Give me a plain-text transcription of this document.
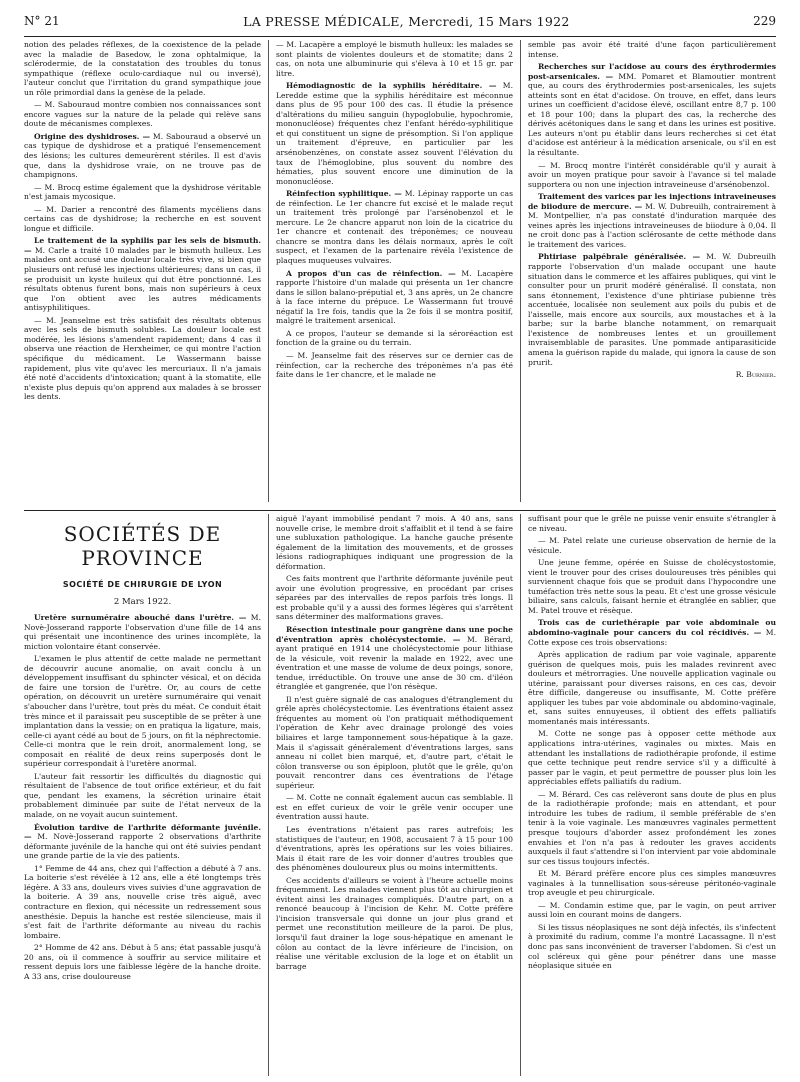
N° 21	LA PRESSE MÉDICALE, Mercredi, 15 Mars 1922	229

notion des pelades réflexes, de la coexistence de la pelade avec la maladie de Basedow, le zona ophtalmique, la sclérodermie, de la constatation des troubles du tonus sympathique (réflexe oculo-cardiaque nul ou inversé), l'auteur conclut que l'irritation du grand sympathique joue un rôle primordial dans la genèse de la pelade.

— M. Sabouraud montre combien nos connaissances sont encore vagues sur la nature de la pelade qui relève sans doute de mécanismes complexes.

Origine des dyshidroses. — M. Sabouraud a observé un cas typique de dyshidrose et a pratiqué l'ensemencement des lésions; les cultures demeurèrent stériles. Il est d'avis que, dans la dyshidrose vraie, on ne trouve pas de champignons.

— M. Brocq estime également que la dyshidrose véritable n'est jamais mycosique.

— M. Darier a rencontré des filaments mycéliens dans certains cas de dyshidrose; la recherche en est souvent longue et difficile.

Le traitement de la syphilis par les sels de bismuth. — M. Carle a traité 10 malades par le bismuth hulleux. Les malades ont accusé une douleur locale très vive, si bien que plusieurs ont refusé les injections ultérieures; dans un cas, il se produisit un kyste huileux qui dut être ponctionné. Les résultats obtenus furent bons, mais non supérieurs à ceux que l'on obtient avec les autres médicaments antisyphilitiques.

— M. Jeanselme est très satisfait des résultats obtenus avec les sels de bismuth solubles. La douleur locale est modérée, les lésions s'amendent rapidement; dans 4 cas il observa une réaction de Herxheimer, ce qui montre l'action spécifique du médicament. Le Wassermann baisse rapidement, plus vite qu'avec les mercuriaux. Il n'a jamais été noté d'accidents d'intoxication; quant à la stomatite, elle n'existe plus depuis qu'on apprend aux malades à se brosser les dents.

— M. Lacapère a employé le bismuth hulleux: les malades se sont plaints de violentes douleurs et de stomatite; dans 2 cas, on nota une albuminurie qui s'éleva à 10 et 15 gr. par litre.

Hémodiagnostic de la syphilis héréditaire. — M. Leredde estime que la syphilis héréditaire est méconnue dans plus de 95 pour 100 des cas. Il étudie la présence d'altérations du milieu sanguin (hypoglobulie, hypochromie, mononucléose) fréquentes chez l'enfant hérédo-syphilitique et qui constituent un signe de présomption. Si l'on applique un traitement d'épreuve, en particulier par les arsénobenzènes, on constate assez souvent l'élévation du taux de l'hémoglobine, plus souvent du nombre des hématies, plus souvent encore une diminution de la mononucléose.

Réinfection syphilitique. — M. Lépinay rapporte un cas de réinfection. Le 1er chancre fut excisé et le malade reçut un traitement très prolongé par l'arsénobenzol et le mercure. Le 2e chancre apparut non loin de la cicatrice du 1er chancre et contenait des tréponèmes; ce nouveau chancre se montra dans les délais normaux, après le coït suspect, et l'examen de la partenaire révéla l'existence de plaques muqueuses vulvaires.

A propos d'un cas de réinfection. — M. Lacapère rapporte l'histoire d'un malade qui présenta un 1er chancre dans le sillon balano-préputial et, 3 ans après, un 2e chancre à la face interne du prépuce. Le Wassermann fut trouvé négatif la 1re fois, tandis que la 2e fois il se montra positif, malgré le traitement arsenical.

A ce propos, l'auteur se demande si la séroréaction est fonction de la graine ou du terrain.

— M. Jeanselme fait des réserves sur ce dernier cas de réinfection, car la recherche des tréponèmes n'a pas été faite dans le 1er chancre, et le malade ne

semble pas avoir été traité d'une façon particulièrement intense.

Recherches sur l'acidose au cours des érythrodermies post-arsenicales. — MM. Pomaret et Blamoutier montrent que, au cours des érythrodermies post-arsenicales, les sujets atteints sont en état d'acidose. On trouve, en effet, dans leurs urines un coefficient d'acidose élevé, oscillant entre 8,7 p. 100 et 18 pour 100; dans la plupart des cas, la recherche des dérivés acétoniques dans le sang et dans les urines est positive. Les auteurs n'ont pu établir dans leurs recherches si cet état d'acidose est antérieur à la médication arsenicale, ou s'il en est la résultante.

— M. Brocq montre l'intérêt considérable qu'il y aurait à avoir un moyen pratique pour savoir à l'avance si tel malade supportera ou non une injection intraveineuse d'arsénobenzol.

Traitement des varices par les injections intraveineuses de biiodure de mercure. — M. W. Dubreuilh, contrairement à M. Montpellier, n'a pas constaté d'induration marquée des veines après les injections intraveineuses de biiodure à 0,04. Il ne croit donc pas à l'action sclérosante de cette méthode dans le traitement des varices.

Phtiriase palpébrale généralisée. — M. W. Dubreuilh rapporte l'observation d'un malade occupant une haute situation dans le commerce et les affaires publiques, qui vint le consulter pour un prurit modéré généralisé. Il constata, non sans étonnement, l'existence d'une phtiriase pubienne très accentuée, localisée non seulement aux poils du pubis et de l'aisselle, mais encore aux sourcils, aux moustaches et à la barbe; sur la barbe blanche notamment, on remarquait l'existence de nombreuses lentes et un grouillement invraisemblable de parasites. Une pommade antiparasiticide amena la guérison rapide du malade, qui ignora la cause de son prurit.

R. Burnier.
SOCIÉTÉS DE PROVINCE
SOCIÉTÉ DE CHIRURGIE DE LYON
2 Mars 1922.

Uretère surnuméraire abouché dans l'urètre. — M. Novè-Josserand rapporte l'observation d'une fille de 14 ans qui présentait une incontinence des urines incomplète, la miction volontaire étant conservée.

L'examen le plus attentif de cette malade ne permettant de découvrir aucune anomalie, on avait conclu à un développement insuffisant du sphincter vésical, et on décida de faire une torsion de l'urètre. Or, au cours de cette opération, on découvrit un uretère surnuméraire qui venait s'aboucher dans l'urètre, tout près du méat. Ce conduit était très mince et il paraissait peu susceptible de se prêter à une implantation dans la vessie; on en pratiqua la ligature, mais, celle-ci ayant cédé au bout de 5 jours, on fit la néphrectomie. Celle-ci montra que le rein droit, anormalement long, se composait en réalité de deux reins superposés dont le supérieur correspondait à l'uretère anormal.

L'auteur fait ressortir les difficultés du diagnostic qui résultaient de l'absence de tout orifice extérieur, et du fait que, pendant les examens, la sécrétion urinaire était probablement diminuée par suite de l'état nerveux de la malade, on ne voyait aucun suintement.

Évolution tardive de l'arthrite déformante juvénile. — M. Novè-Josserand rapporte 2 observations d'arthrite déformante juvénile de la hanche qui ont été suivies pendant une grande partie de la vie des patients.

1° Femme de 44 ans, chez qui l'affection a débuté à 7 ans. La boiterie s'est révélée à 12 ans, elle a été longtemps très légère. A 33 ans, douleurs vives suivies d'une aggravation de la boiterie. A 39 ans, nouvelle crise très aiguë, avec contracture en flexion, qui nécessite un redressement sous anesthésie. Depuis la hanche est restée silencieuse, mais il s'est fait de l'arthrite déformante au niveau du rachis lombaire.

2° Homme de 42 ans. Début à 5 ans; état passable jusqu'à 20 ans, où il commence à souffrir au service militaire et ressent depuis lors une faiblesse légère de la hanche droite. A 33 ans, crise douloureuse

aiguë l'ayant immobilisé pendant 7 mois. A 40 ans, sans nouvelle crise, le membre droit s'affaiblit et il tend à se faire une subluxation pathologique. La hanche gauche présente également de la limitation des mouvements, et de grosses lésions radiographiques indiquant une progression de la déformation.

Ces faits montrent que l'arthrite déformante juvénile peut avoir une évolution progressive, en procédant par crises séparées par des intervalles de repos parfois très longs. Il est probable qu'il y a aussi des formes légères qui s'arrêtent sans déterminer des malformations graves.

Résection intestinale pour gangrène dans une poche d'éventration après cholécystectomie. — M. Bérard, ayant pratiqué en 1914 une cholécystectomie pour lithiase de la vésicule, voit revenir la malade en 1922, avec une éventration et une masse de volume de deux poings, sonore, tendue, irréductible. On trouve une anse de 30 cm. d'iléon étranglée et gangrenée, que l'on résèque.

Il n'est guère signalé de cas analogues d'étranglement du grêle après cholécystectomie. Les éventrations étaient assez fréquentes au moment où l'on pratiquait méthodiquement l'opération de Kehr avec drainage prolongé des voies biliaires et large tamponnement sous-hépatique à la gaze. Mais il s'agissait généralement d'éventrations larges, sans anneau ni collet bien marqué, et, d'autre part, c'était le côlon transverse ou son épiploon, plutôt que le grêle, qu'on pouvait rencontrer dans ces éventrations de l'étage supérieur.

— M. Cotte ne connaît également aucun cas semblable. Il est en effet curieux de voir le grêle venir occuper une éventration aussi haute.

Les éventrations n'étaient pas rares autrefois; les statistiques de l'auteur, en 1908, accusaient 7 à 15 pour 100 d'éventrations, après les opérations sur les voies biliaires. Mais il était rare de les voir donner d'autres troubles que des phénomènes douloureux plus ou moins intermittents.

Ces accidents d'ailleurs se voient à l'heure actuelle moins fréquemment. Les malades viennent plus tôt au chirurgien et évitent ainsi les drainages compliqués. D'autre part, on a renoncé beaucoup à l'incision de Kehr. M. Cotte préfère l'incision transversale qui donne un jour plus grand et permet une reconstitution meilleure de la paroi. De plus, lorsqu'il faut drainer la loge sous-hépatique en amenant le côlon au contact de la lèvre inférieure de l'incision, on réalise une véritable exclusion de la loge et on établit un barrage

suffisant pour que le grêle ne puisse venir ensuite s'étrangler à ce niveau.

— M. Patel relate une curieuse observation de hernie de la vésicule.

Une jeune femme, opérée en Suisse de cholécystostomie, vient le trouver pour des crises douloureuses très pénibles qui surviennent chaque fois que se produit dans l'hypocondre une tuméfaction très nette sous la peau. Et c'est une grosse vésicule biliaire, sans calculs, faisant hernie et étranglée en sablier, que M. Patel trouve et résèque.

Trois cas de curiethérapie par voie abdominale ou abdomino-vaginale pour cancers du col récidivés. — M. Cotte expose ces trois observations:

Après application de radium par voie vaginale, apparente guérison de quelques mois, puis les malades revinrent avec douleurs et métrorragies. Une nouvelle application vaginale ou utérine, paraissant pour diverses raisons, en ces cas, devoir être difficile, dangereuse ou insuffisante, M. Cotte préfère appliquer les tubes par voie abdominale ou abdomino-vaginale, et, sans suites ennuyeuses, il obtient des effets palliatifs momentanés mais intéressants.

M. Cotte ne songe pas à opposer cette méthode aux applications intra-utérines, vaginales ou mixtes. Mais en attendant les installations de radiothérapie profonde, il estime que cette technique peut rendre service s'il y a difficulté à passer par le vagin, et peut permettre de pousser plus loin les appréciables effets palliatifs du radium.

— M. Bérard. Ces cas relèveront sans doute de plus en plus de la radiothérapie profonde; mais en attendant, et pour introduire les tubes de radium, il semble préférable de s'en tenir à la voie vaginale. Les manœuvres vaginales permettent presque toujours d'aborder assez profondément les zones envahies et l'on n'a pas à redouter les graves accidents auxquels il faut s'attendre si l'on intervient par voie abdominale sur ces tissus toujours infectés.

Et M. Bérard préfère encore plus ces simples manœuvres vaginales à la tunnellisation sous-séreuse péritonéo-vaginale trop aveugle et peu chirurgicale.

— M. Condamin estime que, par le vagin, on peut arriver aussi loin en courant moins de dangers.

Si les tissus néoplasiques ne sont déjà infectés, ils s'infectent à proximité du radium, comme l'a montré Lacassagne. Il n'est donc pas sans inconvénient de traverser l'abdomen. Si c'est un col scléreux qui gêne pour pénétrer dans une masse néoplasique située en
